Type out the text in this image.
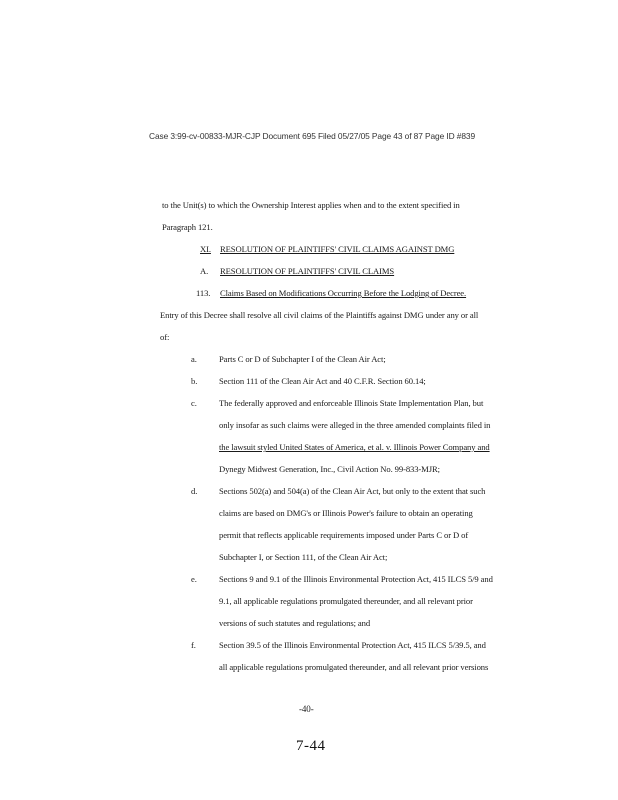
Case 3:99-cv-00833-MJR-CJP Document 695 Filed 05/27/05 Page 43 of 87 Page ID #839
to the Unit(s) to which the Ownership Interest applies when and to the extent specified in
Paragraph 121.
XI. RESOLUTION OF PLAINTIFFS' CIVIL CLAIMS AGAINST DMG
A. RESOLUTION OF PLAINTIFFS' CIVIL CLAIMS
113. Claims Based on Modifications Occurring Before the Lodging of Decree.
Entry of this Decree shall resolve all civil claims of the Plaintiffs against DMG under any or all
of:
a.	Parts C or D of Subchapter I of the Clean Air Act;
b.	Section 111 of the Clean Air Act and 40 C.F.R. Section 60.14;
c.	The federally approved and enforceable Illinois State Implementation Plan, but
only insofar as such claims were alleged in the three amended complaints filed in
the lawsuit styled United States of America, et al. v. Illinois Power Company and
Dynegy Midwest Generation, Inc., Civil Action No. 99-833-MJR;
d.	Sections 502(a) and 504(a) of the Clean Air Act, but only to the extent that such
claims are based on DMG's or Illinois Power's failure to obtain an operating
permit that reflects applicable requirements imposed under Parts C or D of
Subchapter I, or Section 111, of the Clean Air Act;
e.	Sections 9 and 9.1 of the Illinois Environmental Protection Act, 415 ILCS 5/9 and
9.1, all applicable regulations promulgated thereunder, and all relevant prior
versions of such statutes and regulations; and
f.	Section 39.5 of the Illinois Environmental Protection Act, 415 ILCS 5/39.5, and
all applicable regulations promulgated thereunder, and all relevant prior versions
-40-
7-44
